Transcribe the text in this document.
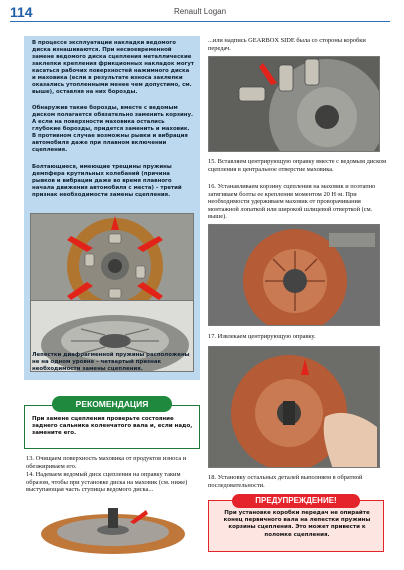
114	Renault Logan

В процессе эксплуатации накладки ведомого диска изнашиваются. При несвоевременной замене ведомого диска сцепления металлические заклепки крепления фрикционных накладок могут касаться рабочих поверхностей нажимного диска и маховика (если в результате износа заклепки оказались утопленными менее чем допустимо, см. выше), оставляя на них борозды.

Обнаружив такие борозды, вместе с ведомым диском полагается обязательно заменить корзину. А если на поверхности маховика остались глубокие борозды, придется заменить и маховик. В противном случае возможны рывки и вибрация автомобиля даже при плавном включении сцепления.

Болтающиеся, имеющие трещины пружины демпфера крутильных колебаний (причина рывков и вибрации даже во время плавного начала движения автомобиля с места) – третий признак необходимости замены сцепления.

Лепестки диафрагменной пружины расположены не на одном уровне – четвертый признак необходимости замены сцепления.

РЕКОМЕНДАЦИЯ

При замене сцепления проверьте состояние заднего сальника коленчатого вала и, если надо, замените его.

13. Очищаем поверхность маховика от продуктов износа и обезжириваем его.

14. Надеваем ведомый диск сцепления на оправку таким образом, чтобы при установке диска на маховик (см. ниже) выступающая часть ступицы ведомого диска...

...или надпись GEARBOX SIDE была со стороны коробки передач.

15. Вставляем центрирующую оправку вместе с ведомым диском сцепления в центральное отверстие маховика.

16. Устанавливаем корзину сцепления на маховик и поэтапно затягиваем болты ее крепления моментом 20 Н·м. При необходимости удерживаем маховик от проворачивания монтажной лопаткой или широкой шлицевой отверткой (см. выше).

17. Извлекаем центрирующую оправку.

18. Установку остальных деталей выполняем в обратной последовательности.

ПРЕДУПРЕЖДЕНИЕ!

При установке коробки передач не опирайте конец первичного вала на лепестки пружины корзины сцепления. Это может привести к поломке сцепления.
